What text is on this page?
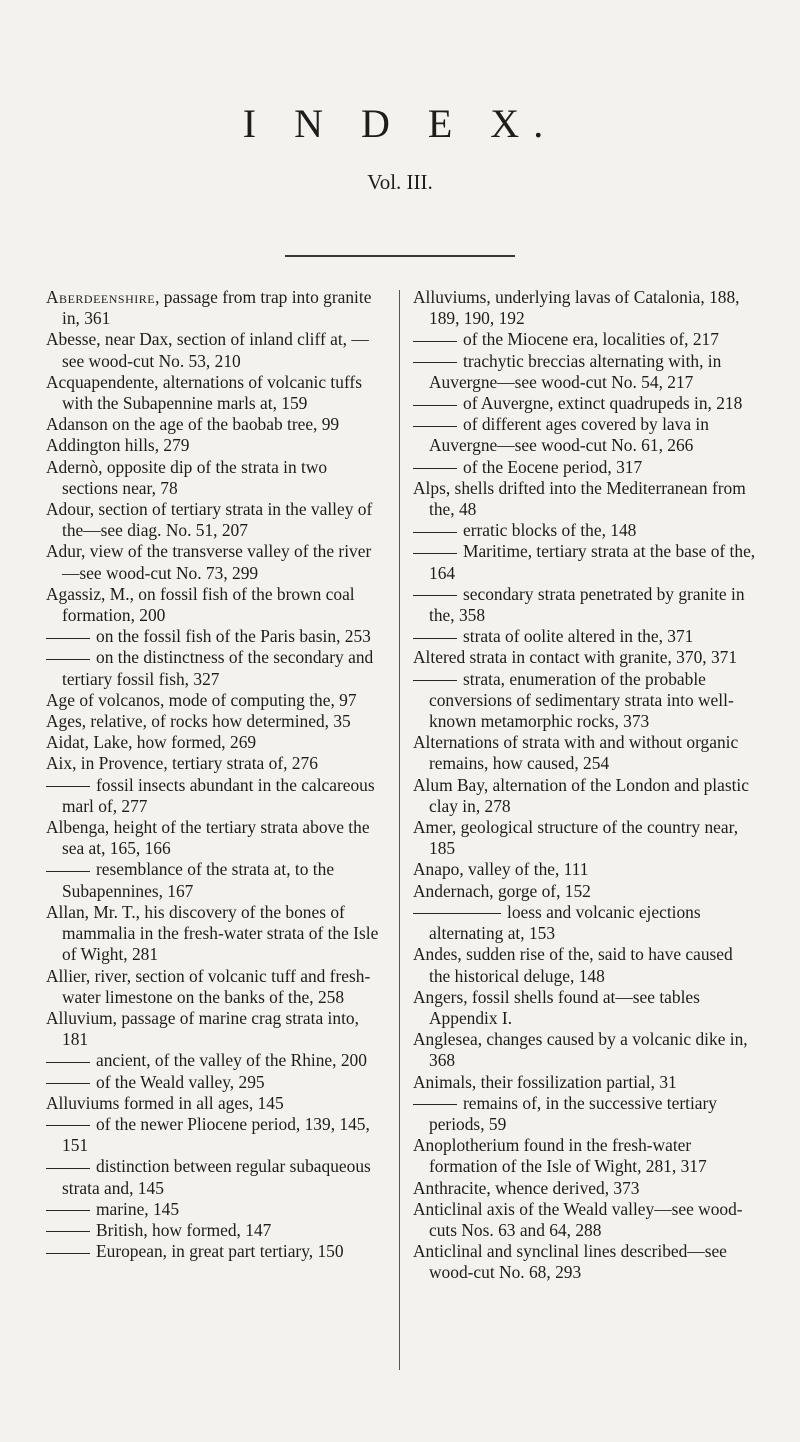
I N D E X.
Vol. III.
Aberdeenshire, passage from trap into granite in, 361
Abesse, near Dax, section of inland cliff at, —see wood-cut No. 53, 210
Acquapendente, alternations of volcanic tuffs with the Subapennine marls at, 159
Adanson on the age of the baobab tree, 99
Addington hills, 279
Adernò, opposite dip of the strata in two sections near, 78
Adour, section of tertiary strata in the valley of the—see diag. No. 51, 207
Adur, view of the transverse valley of the river—see wood-cut No. 73, 299
Agassiz, M., on fossil fish of the brown coal formation, 200
on the fossil fish of the Paris basin, 253
on the distinctness of the secondary and tertiary fossil fish, 327
Age of volcanos, mode of computing the, 97
Ages, relative, of rocks how determined, 35
Aidat, Lake, how formed, 269
Aix, in Provence, tertiary strata of, 276
fossil insects abundant in the calcareous marl of, 277
Albenga, height of the tertiary strata above the sea at, 165, 166
resemblance of the strata at, to the Subapennines, 167
Allan, Mr. T., his discovery of the bones of mammalia in the fresh-water strata of the Isle of Wight, 281
Allier, river, section of volcanic tuff and fresh-water limestone on the banks of the, 258
Alluvium, passage of marine crag strata into, 181
ancient, of the valley of the Rhine, 200
of the Weald valley, 295
Alluviums formed in all ages, 145
of the newer Pliocene period, 139, 145, 151
distinction between regular subaqueous strata and, 145
marine, 145
British, how formed, 147
European, in great part tertiary, 150
Alluviums, underlying lavas of Catalonia, 188, 189, 190, 192
of the Miocene era, localities of, 217
trachytic breccias alternating with, in Auvergne—see wood-cut No. 54, 217
of Auvergne, extinct quadrupeds in, 218
of different ages covered by lava in Auvergne—see wood-cut No. 61, 266
of the Eocene period, 317
Alps, shells drifted into the Mediterranean from the, 48
erratic blocks of the, 148
Maritime, tertiary strata at the base of the, 164
secondary strata penetrated by granite in the, 358
strata of oolite altered in the, 371
Altered strata in contact with granite, 370, 371
strata, enumeration of the probable conversions of sedimentary strata into well-known metamorphic rocks, 373
Alternations of strata with and without organic remains, how caused, 254
Alum Bay, alternation of the London and plastic clay in, 278
Amer, geological structure of the country near, 185
Anapo, valley of the, 111
Andernach, gorge of, 152
loess and volcanic ejections alternating at, 153
Andes, sudden rise of the, said to have caused the historical deluge, 148
Angers, fossil shells found at—see tables Appendix I.
Anglesea, changes caused by a volcanic dike in, 368
Animals, their fossilization partial, 31
remains of, in the successive tertiary periods, 59
Anoplotherium found in the fresh-water formation of the Isle of Wight, 281, 317
Anthracite, whence derived, 373
Anticlinal axis of the Weald valley—see wood-cuts Nos. 63 and 64, 288
Anticlinal and synclinal lines described—see wood-cut No. 68, 293
